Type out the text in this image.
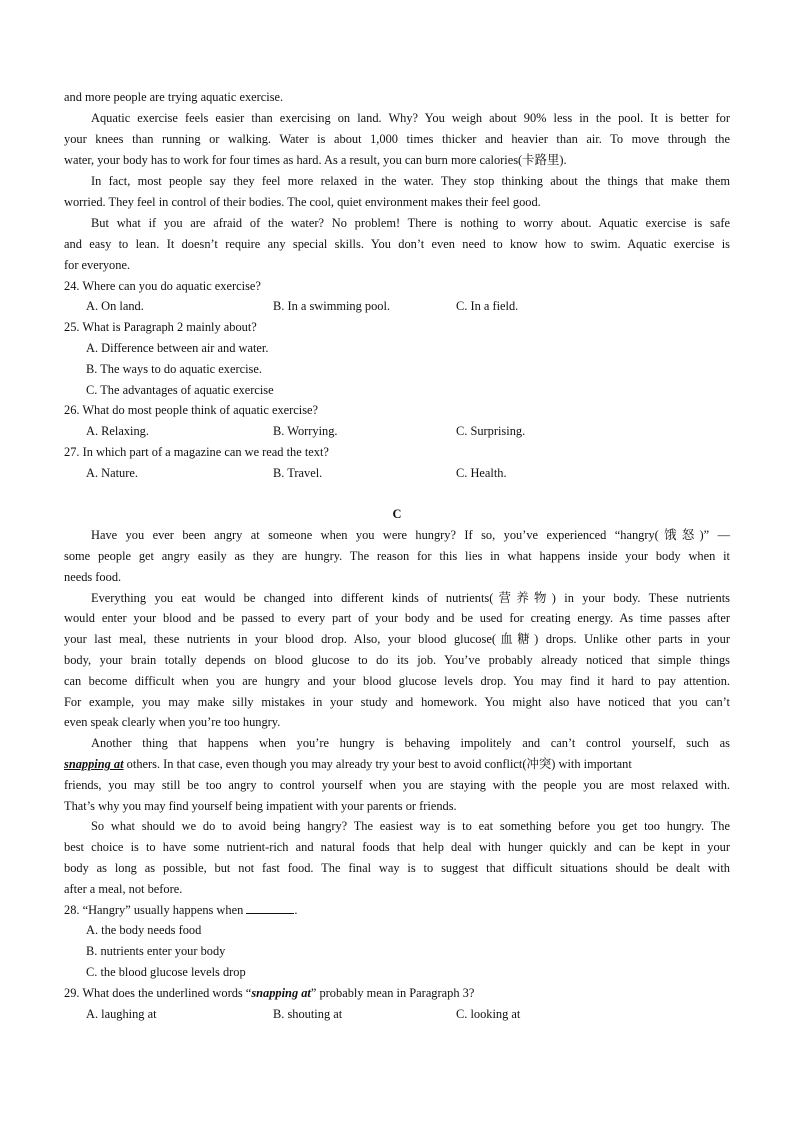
and more people are trying aquatic exercise.
Aquatic exercise feels easier than exercising on land. Why? You weigh about 90% less in the pool. It is better for
your knees than running or walking. Water is about 1,000 times thicker and heavier than air. To move through the
water, your body has to work for four times as hard. As a result, you can burn more calories(卡路里).
In fact, most people say they feel more relaxed in the water. They stop thinking about the things that make them
worried. They feel in control of their bodies. The cool, quiet environment makes their feel good.
But what if you are afraid of the water? No problem! There is nothing to worry about. Aquatic exercise is safe
and easy to lean. It doesn’t require any special skills. You don’t even need to know how to swim. Aquatic exercise is
for everyone.
24. Where can you do aquatic exercise?
A. On land.	B. In a swimming pool.	C. In a field.
25. What is Paragraph 2 mainly about?
A. Difference between air and water.
B. The ways to do aquatic exercise.
C. The advantages of aquatic exercise
26. What do most people think of aquatic exercise?
A. Relaxing.	B. Worrying.	C. Surprising.
27. In which part of a magazine can we read the text?
A. Nature.	B. Travel.	C. Health.
C
Have you ever been angry at someone when you were hungry? If so, you’ve experienced “hangry(饿怒)” —
some people get angry easily as they are hungry. The reason for this lies in what happens inside your body when it
needs food.
Everything you eat would be changed into different kinds of nutrients(营养物) in your body. These nutrients
would enter your blood and be passed to every part of your body and be used for creating energy. As time passes after
your last meal, these nutrients in your blood drop. Also, your blood glucose(血糖) drops. Unlike other parts in your
body, your brain totally depends on blood glucose to do its job. You’ve probably already noticed that simple things
can become difficult when you are hungry and your blood glucose levels drop. You may find it hard to pay attention.
For example, you may make silly mistakes in your study and homework. You might also have noticed that you can’t
even speak clearly when you’re too hungry.
Another thing that happens when you’re hungry is behaving impolitely and can’t control yourself, such as
snapping at others. In that case, even though you may already try your best to avoid conflict(冲突) with important
friends, you may still be too angry to control yourself when you are staying with the people you are most relaxed with.
That’s why you may find yourself being impatient with your parents or friends.
So what should we do to avoid being hangry? The easiest way is to eat something before you get too hungry. The
best choice is to have some nutrient-rich and natural foods that help deal with hunger quickly and can be kept in your
body as long as possible, but not fast food. The final way is to suggest that difficult situations should be dealt with
after a meal, not before.
28. “Hangry” usually happens when	.
A. the body needs food
B. nutrients enter your body
C. the blood glucose levels drop
29. What does the underlined words “snapping at” probably mean in Paragraph 3?
A. laughing at	B. shouting at	C. looking at
